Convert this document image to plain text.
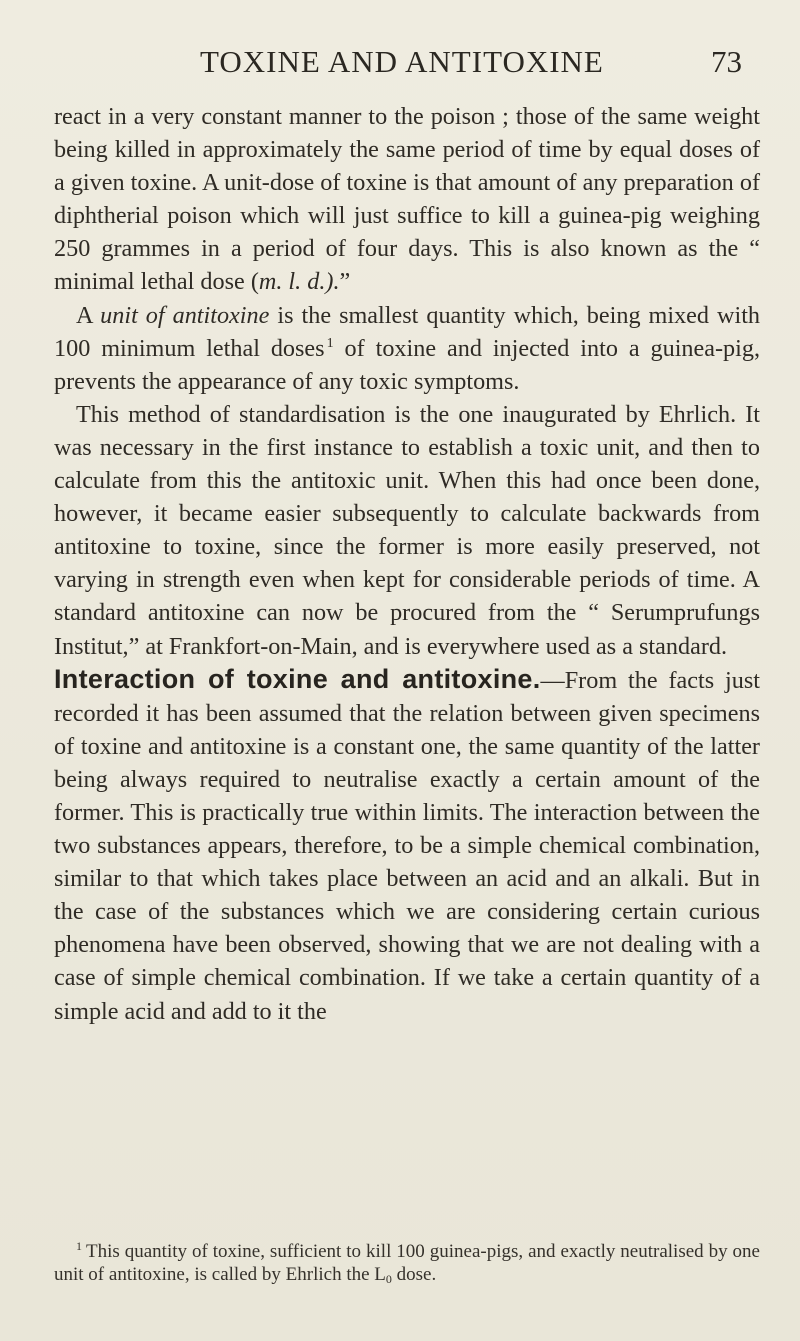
TOXINE AND ANTITOXINE	73

react in a very constant manner to the poison ; those of the same weight being killed in approximately the same period of time by equal doses of a given toxine. A unit-dose of toxine is that amount of any preparation of diphtherial poison which will just suffice to kill a guinea-pig weighing 250 grammes in a period of four days. This is also known as the “ minimal lethal dose (m. l. d.).”

A unit of antitoxine is the smallest quantity which, being mixed with 100 minimum lethal doses  $^1$ of toxine and injected into a guinea-pig, prevents the appearance of any toxic symptoms.

This method of standardisation is the one inaugurated by Ehrlich. It was necessary in the first instance to establish a toxic unit, and then to calculate from this the antitoxic unit. When this had once been done, however, it became easier subsequently to calculate backwards from antitoxine to toxine, since the former is more easily preserved, not varying in strength even when kept for considerable periods of time. A standard antitoxine can now be procured from the “ Serumprufungs Institut,” at Frankfort-on-Main, and is everywhere used as a standard.

Interaction of toxine and antitoxine.—From the facts just recorded it has been assumed that the relation between given specimens of toxine and antitoxine is a constant one, the same quantity of the latter being always required to neutralise exactly a certain amount of the former. This is practically true within limits. The interaction between the two substances appears, therefore, to be a simple chemical combination, similar to that which takes place between an acid and an alkali. But in the case of the substances which we are considering certain curious phenomena have been observed, showing that we are not dealing with a case of simple chemical combination. If we take a certain quantity of a simple acid and add to it the

$^1$ This quantity of toxine, sufficient to kill 100 guinea-pigs, and exactly neutralised by one unit of antitoxine, is called by Ehrlich the L0 dose.
